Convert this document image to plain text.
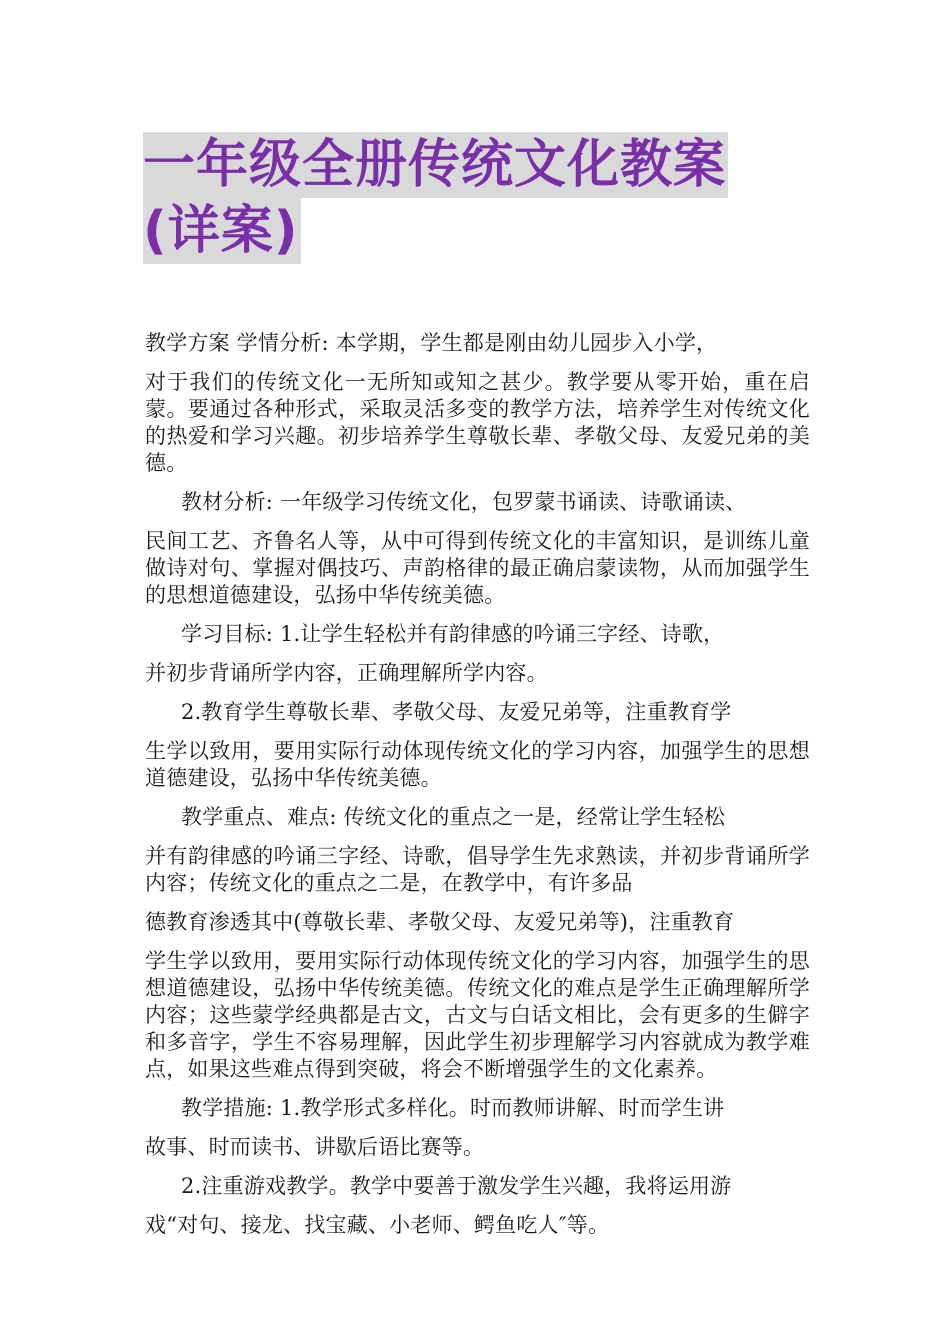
一年级全册传统文化教案
(详案)

教学方案 学情分析: 本学期，学生都是刚由幼儿园步入小学，

对于我们的传统文化一无所知或知之甚少。教学要从零开始，重在启蒙。要通过各种形式，采取灵活多变的教学方法，培养学生对传统文化的热爱和学习兴趣。初步培养学生尊敬长辈、孝敬父母、友爱兄弟的美德。

教材分析: 一年级学习传统文化，包罗蒙书诵读、诗歌诵读、

民间工艺、齐鲁名人等，从中可得到传统文化的丰富知识，是训练儿童做诗对句、掌握对偶技巧、声韵格律的最正确启蒙读物，从而加强学生的思想道德建设，弘扬中华传统美德。

学习目标: 1.让学生轻松并有韵律感的吟诵三字经、诗歌，

并初步背诵所学内容，正确理解所学内容。

2.教育学生尊敬长辈、孝敬父母、友爱兄弟等，注重教育学

生学以致用，要用实际行动体现传统文化的学习内容，加强学生的思想道德建设，弘扬中华传统美德。

教学重点、难点: 传统文化的重点之一是，经常让学生轻松

并有韵律感的吟诵三字经、诗歌，倡导学生先求熟读，并初步背诵所学内容；传统文化的重点之二是，在教学中，有许多品

德教育渗透其中(尊敬长辈、孝敬父母、友爱兄弟等)，注重教育

学生学以致用，要用实际行动体现传统文化的学习内容，加强学生的思想道德建设，弘扬中华传统美德。传统文化的难点是学生正确理解所学内容；这些蒙学经典都是古文，古文与白话文相比，会有更多的生僻字和多音字，学生不容易理解，因此学生初步理解学习内容就成为教学难点，如果这些难点得到突破，将会不断增强学生的文化素养。

教学措施: 1.教学形式多样化。时而教师讲解、时而学生讲

故事、时而读书、讲歇后语比赛等。

2.注重游戏教学。教学中要善于激发学生兴趣，我将运用游

戏“对句、接龙、找宝藏、小老师、鳄鱼吃人″等。
